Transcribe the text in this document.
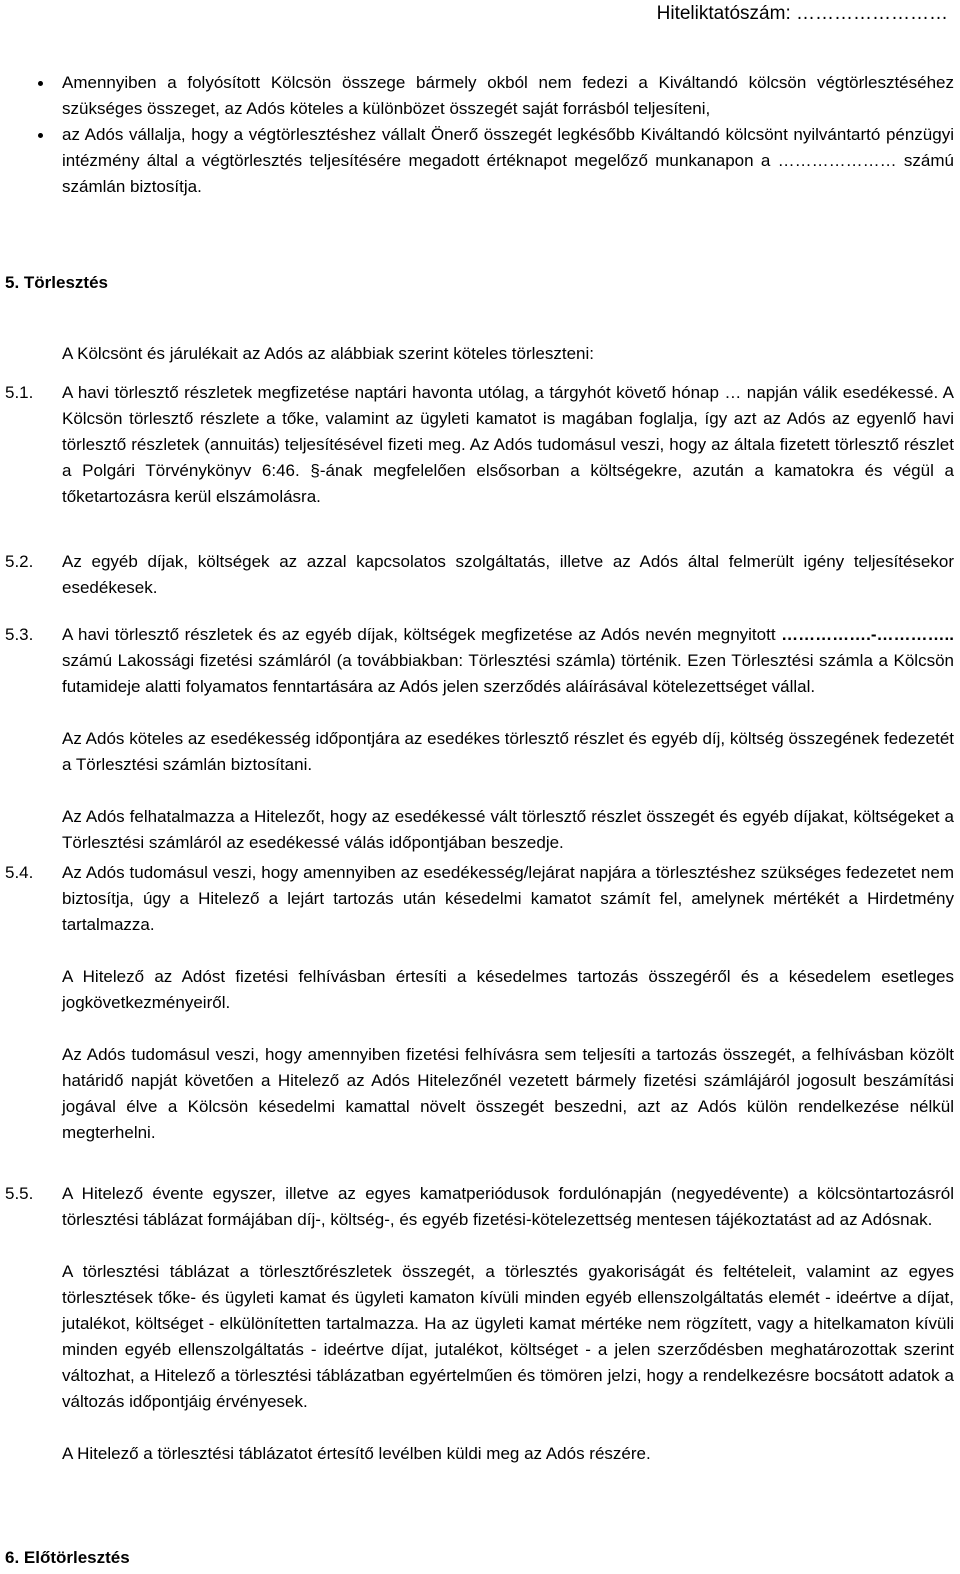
Hiteliktatószám: ……………………
Amennyiben a folyósított Kölcsön összege bármely okból nem fedezi a Kiváltandó kölcsön végtörlesztéséhez szükséges összeget, az Adós köteles a különbözet összegét saját forrásból teljesíteni,
az Adós vállalja, hogy a végtörlesztéshez vállalt Önerő összegét legkésőbb Kiváltandó kölcsönt nyilvántartó pénzügyi intézmény által a végtörlesztés teljesítésére megadott értéknapot megelőző munkanapon a ………………… számú számlán biztosítja.
5. Törlesztés
A Kölcsönt és járulékait az Adós az alábbiak szerint köteles törleszteni:
5.1. A havi törlesztő részletek megfizetése naptári havonta utólag, a tárgyhót követő hónap … napján válik esedékessé. A Kölcsön törlesztő részlete a tőke, valamint az ügyleti kamatot is magában foglalja, így azt az Adós az egyenlő havi törlesztő részletek (annuitás) teljesítésével fizeti meg. Az Adós tudomásul veszi, hogy az általa fizetett törlesztő részlet a Polgári Törvénykönyv 6:46. §-ának megfelelően elsősorban a költségekre, azután a kamatokra és végül a tőketartozásra kerül elszámolásra.
5.2. Az egyéb díjak, költségek az azzal kapcsolatos szolgáltatás, illetve az Adós által felmerült igény teljesítésekor esedékesek.
5.3. A havi törlesztő részletek és az egyéb díjak, költségek megfizetése az Adós nevén megnyitott …………….-………….. számú Lakossági fizetési számláról (a továbbiakban: Törlesztési számla) történik. Ezen Törlesztési számla a Kölcsön futamideje alatti folyamatos fenntartására az Adós jelen szerződés aláírásával kötelezettséget vállal.
Az Adós köteles az esedékesség időpontjára az esedékes törlesztő részlet és egyéb díj, költség összegének fedezetét a Törlesztési számlán biztosítani.
Az Adós felhatalmazza a Hitelezőt, hogy az esedékessé vált törlesztő részlet összegét és egyéb díjakat, költségeket a Törlesztési számláról az esedékessé válás időpontjában beszedje.
5.4. Az Adós tudomásul veszi, hogy amennyiben az esedékesség/lejárat napjára a törlesztéshez szükséges fedezetet nem biztosítja, úgy a Hitelező a lejárt tartozás után késedelmi kamatot számít fel, amelynek mértékét a Hirdetmény tartalmazza.
A Hitelező az Adóst fizetési felhívásban értesíti a késedelmes tartozás összegéről és a késedelem esetleges jogkövetkezményeiről.
Az Adós tudomásul veszi, hogy amennyiben fizetési felhívásra sem teljesíti a tartozás összegét, a felhívásban közölt határidő napját követően a Hitelező az Adós Hitelezőnél vezetett bármely fizetési számlájáról jogosult beszámítási jogával élve a Kölcsön késedelmi kamattal növelt összegét beszedni, azt az Adós külön rendelkezése nélkül megterhelni.
5.5. A Hitelező évente egyszer, illetve az egyes kamatperiódusok fordulónapján (negyedévente) a kölcsöntartozásról törlesztési táblázat formájában díj-, költség-, és egyéb fizetési-kötelezettség mentesen tájékoztatást ad az Adósnak.
A törlesztési táblázat a törlesztőrészletek összegét, a törlesztés gyakoriságát és feltételeit, valamint az egyes törlesztések tőke- és ügyleti kamat és ügyleti kamaton kívüli minden egyéb ellenszolgáltatás elemét - ideértve a díjat, jutalékot, költséget - elkülönítetten tartalmazza. Ha az ügyleti kamat mértéke nem rögzített, vagy a hitelkamaton kívüli minden egyéb ellenszolgáltatás - ideértve díjat, jutalékot, költséget - a jelen szerződésben meghatározottak szerint változhat, a Hitelező a törlesztési táblázatban egyértelműen és tömören jelzi, hogy a rendelkezésre bocsátott adatok a változás időpontjáig érvényesek.
A Hitelező a törlesztési táblázatot értesítő levélben küldi meg az Adós részére.
6. Előtörlesztés
